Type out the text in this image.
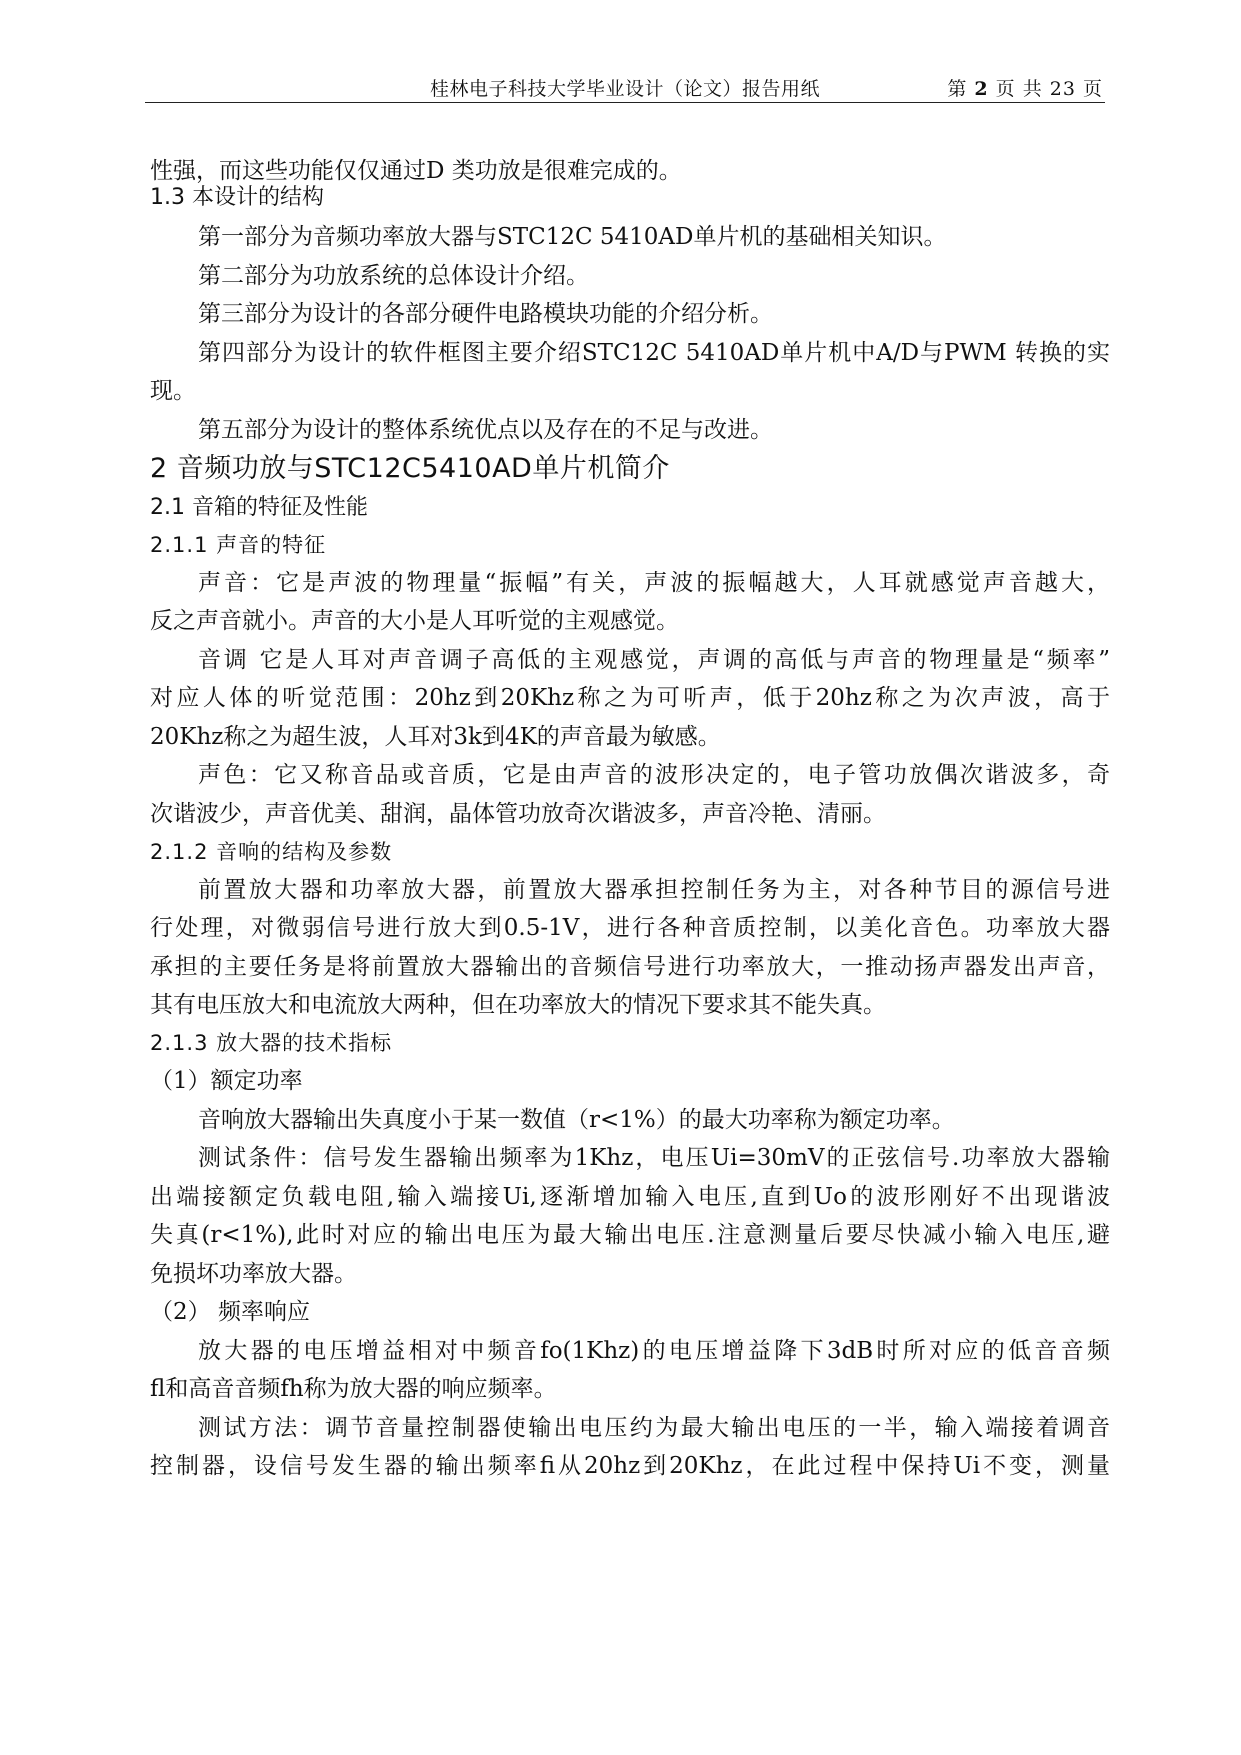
桂林电子科技大学毕业设计（论文）报告用纸	第 2 页 共 23 页
性强，而这些功能仅仅通过D 类功放是很难完成的。
1.3 本设计的结构
第一部分为音频功率放大器与STC12C 5410AD单片机的基础相关知识。
第二部分为功放系统的总体设计介绍。
第三部分为设计的各部分硬件电路模块功能的介绍分析。
第四部分为设计的软件框图主要介绍STC12C 5410AD单片机中A/D与PWM 转换的实
现。
第五部分为设计的整体系统优点以及存在的不足与改进。
2 音频功放与STC12C5410AD单片机简介
2.1 音箱的特征及性能
2.1.1 声音的特征
声音：它是声波的物理量“振幅”有关，声波的振幅越大，人耳就感觉声音越大，
反之声音就小。声音的大小是人耳听觉的主观感觉。
音调 它是人耳对声音调子高低的主观感觉，声调的高低与声音的物理量是“频率”
对应人体的听觉范围：20hz到20Khz称之为可听声，低于20hz称之为次声波，高于
20Khz称之为超生波，人耳对3k到4K的声音最为敏感。
声色：它又称音品或音质，它是由声音的波形决定的，电子管功放偶次谐波多，奇
次谐波少，声音优美、甜润，晶体管功放奇次谐波多，声音冷艳、清丽。
2.1.2 音响的结构及参数
前置放大器和功率放大器，前置放大器承担控制任务为主，对各种节目的源信号进
行处理，对微弱信号进行放大到0.5-1V，进行各种音质控制，以美化音色。功率放大器
承担的主要任务是将前置放大器输出的音频信号进行功率放大，一推动扬声器发出声音，
其有电压放大和电流放大两种，但在功率放大的情况下要求其不能失真。
2.1.3 放大器的技术指标
（1）额定功率
音响放大器输出失真度小于某一数值（r<1%）的最大功率称为额定功率。
测试条件：信号发生器输出频率为1Khz，电压Ui=30mV的正弦信号.功率放大器输
出端接额定负载电阻,输入端接Ui,逐渐增加输入电压,直到Uo的波形刚好不出现谐波
失真(r<1%),此时对应的输出电压为最大输出电压.注意测量后要尽快减小输入电压,避
免损坏功率放大器。
（2） 频率响应
放大器的电压增益相对中频音fo(1Khz)的电压增益降下3dB时所对应的低音音频
fl和高音音频fh称为放大器的响应频率。
测试方法：调节音量控制器使输出电压约为最大输出电压的一半，输入端接着调音
控制器，设信号发生器的输出频率fi从20hz到20Khz，在此过程中保持Ui不变，测量
